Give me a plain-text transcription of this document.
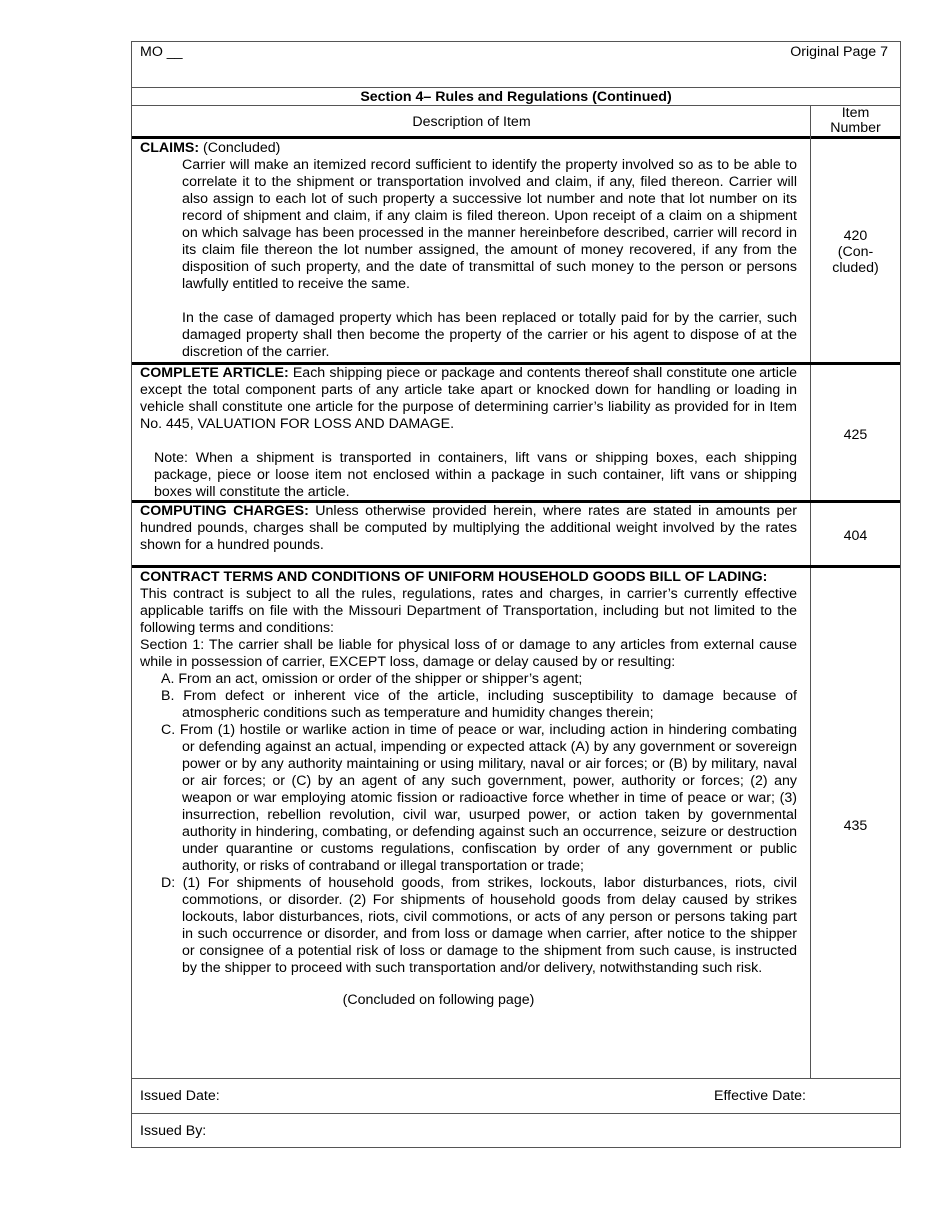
MO __	Original Page 7
Section 4– Rules and Regulations (Continued)
Description of Item
Item
Number

CLAIMS: (Concluded)

Carrier will make an itemized record sufficient to identify the property involved so as to be able to correlate it to the shipment or transportation involved and claim, if any, filed thereon. Carrier will also assign to each lot of such property a successive lot number and note that lot number on its record of shipment and claim, if any claim is filed thereon. Upon receipt of a claim on a shipment on which salvage has been processed in the manner hereinbefore described, carrier will record in its claim file thereon the lot number assigned, the amount of money recovered, if any from the disposition of such property, and the date of transmittal of such money to the person or persons lawfully entitled to receive the same.

In the case of damaged property which has been replaced or totally paid for by the carrier, such damaged property shall then become the property of the carrier or his agent to dispose of at the discretion of the carrier.

420
(Con-
cluded)

COMPLETE ARTICLE: Each shipping piece or package and contents thereof shall constitute one article except the total component parts of any article take apart or knocked down for handling or loading in vehicle shall constitute one article for the purpose of determining carrier’s liability as provided for in Item No. 445, VALUATION FOR LOSS AND DAMAGE.

Note: When a shipment is transported in containers, lift vans or shipping boxes, each shipping package, piece or loose item not enclosed within a package in such container, lift vans or shipping boxes will constitute the article.

425

COMPUTING CHARGES: Unless otherwise provided herein, where rates are stated in amounts per hundred pounds, charges shall be computed by multiplying the additional weight involved by the rates shown for a hundred pounds.

404

CONTRACT TERMS AND CONDITIONS OF UNIFORM HOUSEHOLD GOODS BILL OF LADING:

This contract is subject to all the rules, regulations, rates and charges, in carrier’s currently effective applicable tariffs on file with the Missouri Department of Transportation, including but not limited to the following terms and conditions:

Section 1: The carrier shall be liable for physical loss of or damage to any articles from external cause while in possession of carrier, EXCEPT loss, damage or delay caused by or resulting:

A. From an act, omission or order of the shipper or shipper’s agent;

B. From defect or inherent vice of the article, including susceptibility to damage because of atmospheric conditions such as temperature and humidity changes therein;

C. From (1) hostile or warlike action in time of peace or war, including action in hindering combating or defending against an actual, impending or expected attack (A) by any government or sovereign power or by any authority maintaining or using military, naval or air forces; or (B) by military, naval or air forces; or (C) by an agent of any such government, power, authority or forces; (2) any weapon or war employing atomic fission or radioactive force whether in time of peace or war; (3) insurrection, rebellion revolution, civil war, usurped power, or action taken by governmental authority in hindering, combating, or defending against such an occurrence, seizure or destruction under quarantine or customs regulations, confiscation by order of any government or public authority, or risks of contraband or illegal transportation or trade;

D: (1) For shipments of household goods, from strikes, lockouts, labor disturbances, riots, civil commotions, or disorder. (2) For shipments of household goods from delay caused by strikes lockouts, labor disturbances, riots, civil commotions, or acts of any person or persons taking part in such occurrence or disorder, and from loss or damage when carrier, after notice to the shipper or consignee of a potential risk of loss or damage to the shipment from such cause, is instructed by the shipper to proceed with such transportation and/or delivery, notwithstanding such risk.

(Concluded on following page)

435
Issued Date:	Effective Date:
Issued By:
